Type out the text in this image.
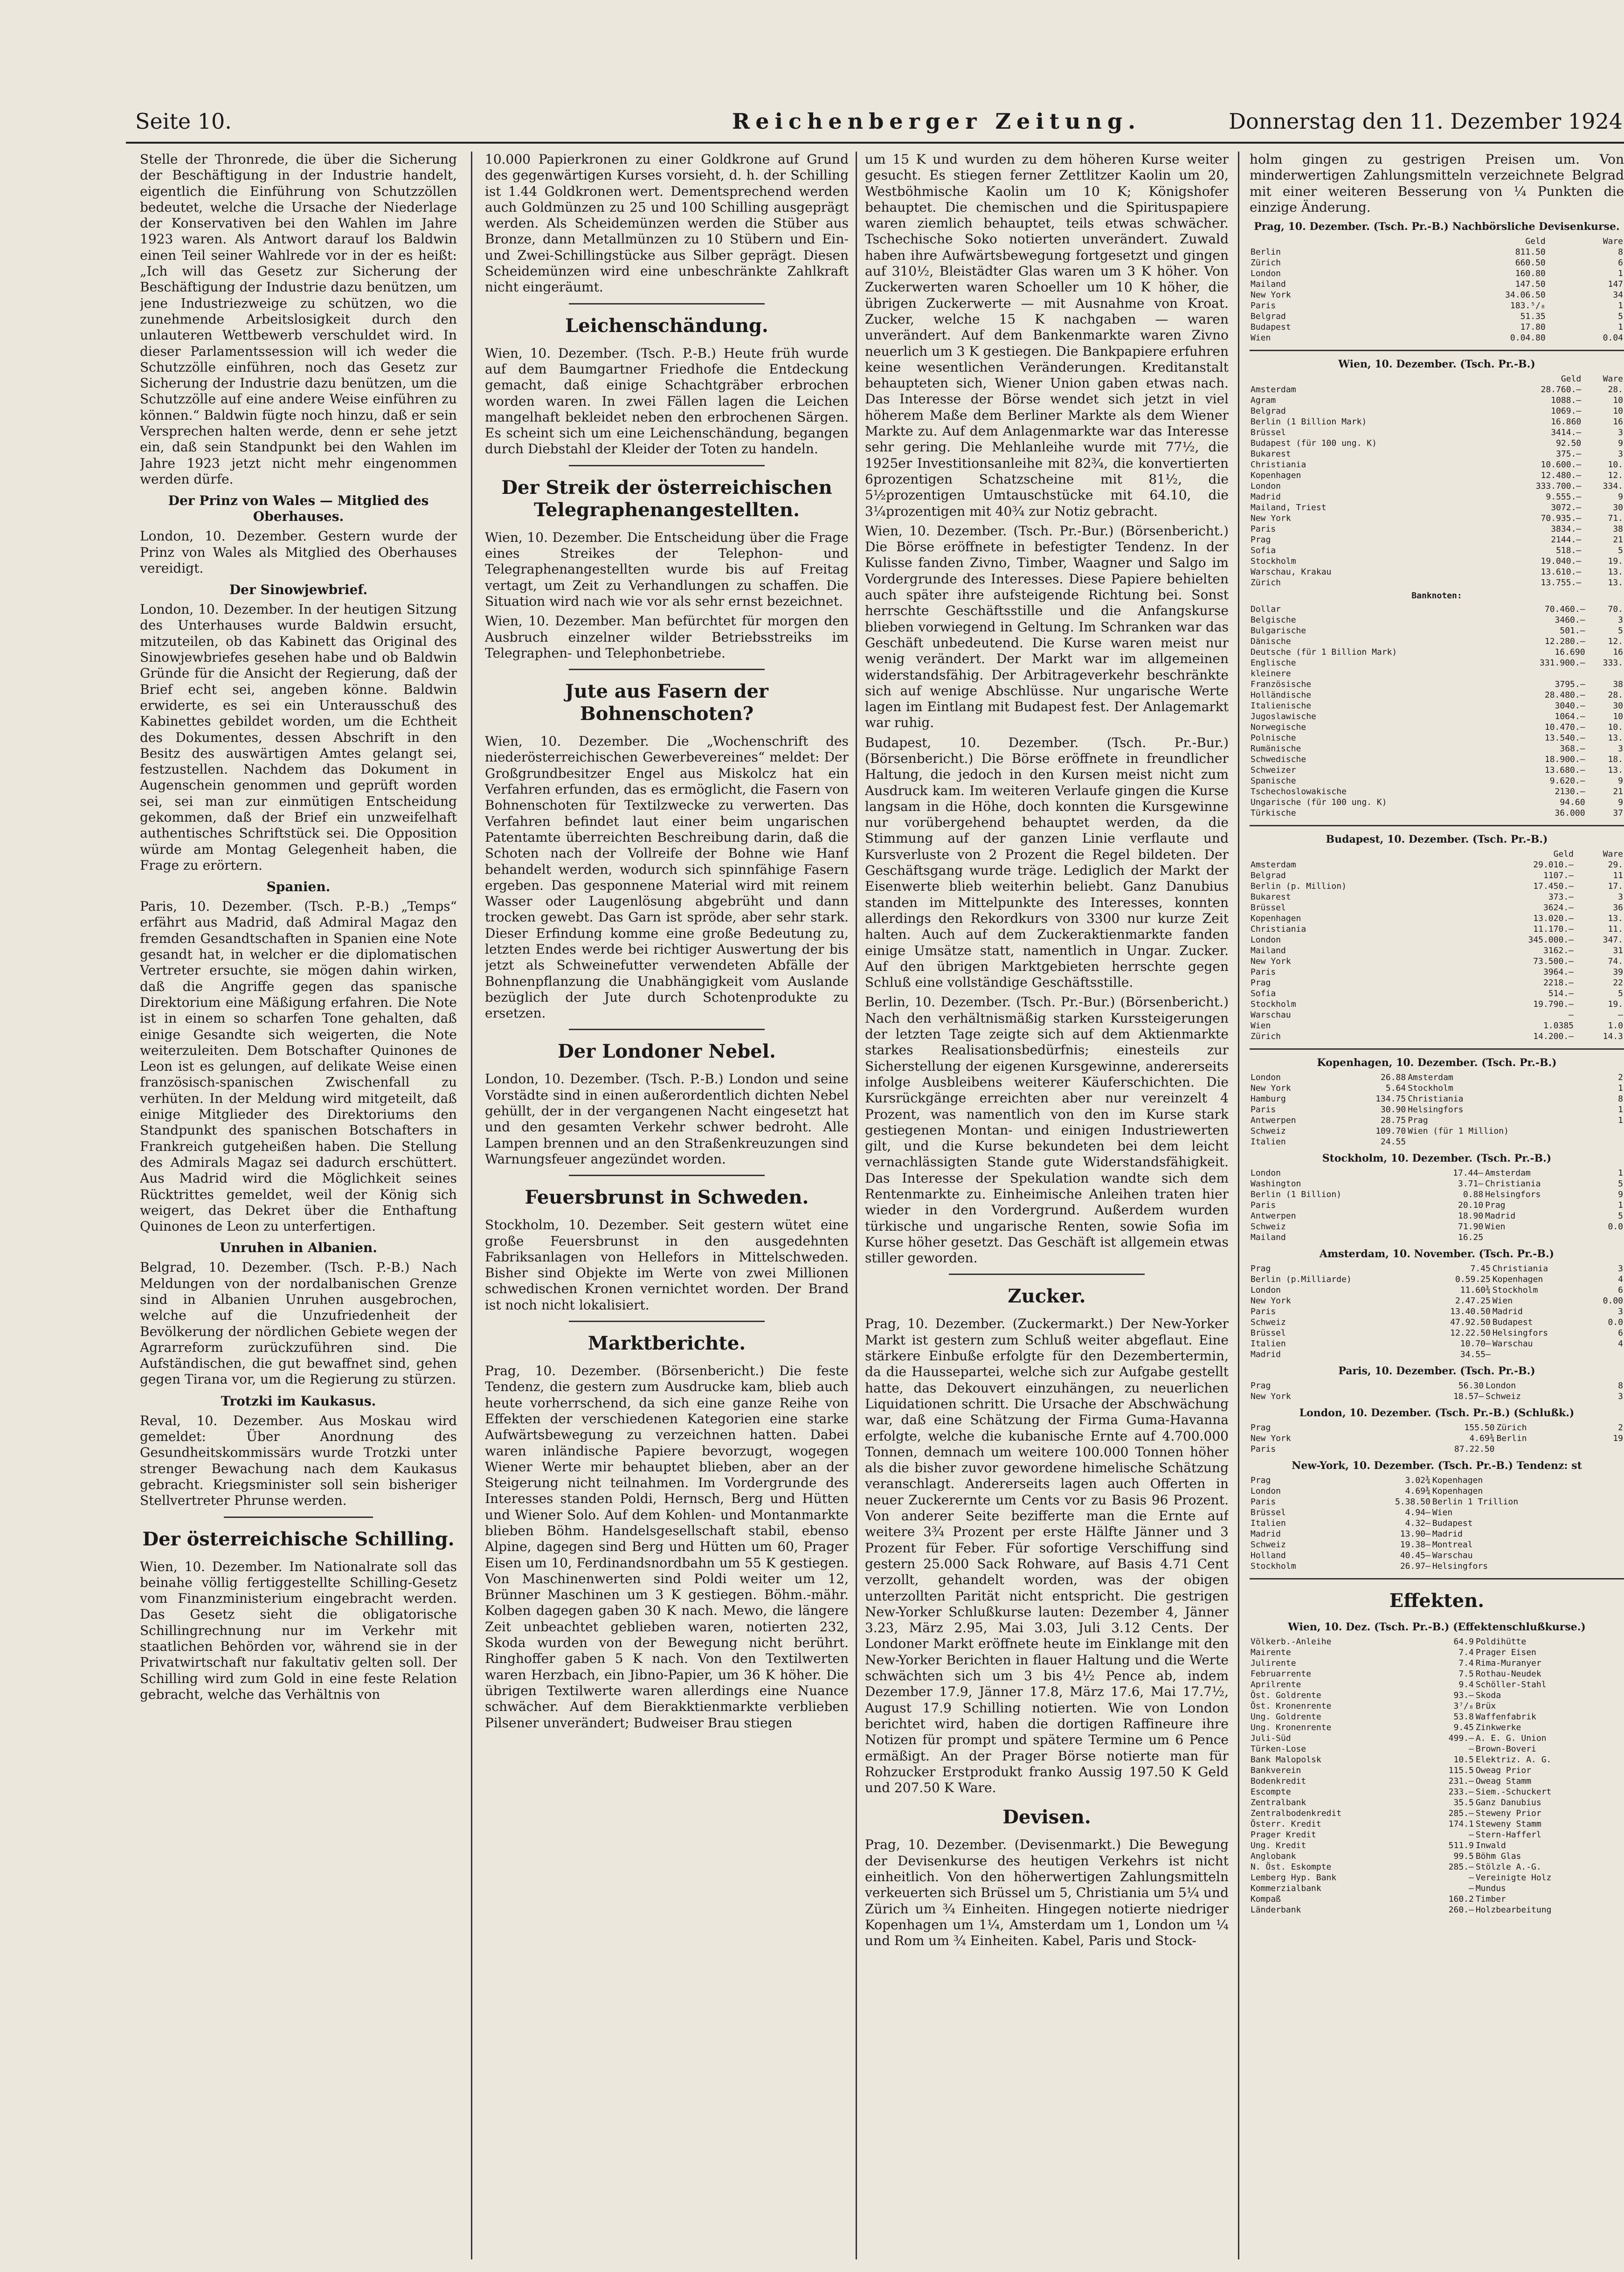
Seite 10.	Reichenberger Zeitung.	Donnerstag den 11. Dezember 1924

Stelle der Thronrede, die über die Sicherung der Beschäftigung in der Industrie handelt, eigentlich die Einführung von Schutzzöllen bedeutet, welche die Ursache der Niederlage der Konservativen bei den Wahlen im Jahre 1923 waren. Als Antwort darauf los Baldwin einen Teil seiner Wahlrede vor in der es heißt: „Ich will das Gesetz zur Sicherung der Beschäftigung der Industrie dazu benützen, um jene Industriezweige zu schützen, wo die zunehmende Arbeitslosigkeit durch den unlauteren Wettbewerb verschuldet wird. In dieser Parlamentssession will ich weder die Schutzzölle einführen, noch das Gesetz zur Sicherung der Industrie dazu benützen, um die Schutzzölle auf eine andere Weise einführen zu können.“ Baldwin fügte noch hinzu, daß er sein Versprechen halten werde, denn er sehe jetzt ein, daß sein Standpunkt bei den Wahlen im Jahre 1923 jetzt nicht mehr eingenommen werden dürfe.

Der Prinz von Wales — Mitglied des Oberhauses.

London, 10. Dezember. Gestern wurde der Prinz von Wales als Mitglied des Oberhauses vereidigt.

Der Sinowjewbrief.

London, 10. Dezember. In der heutigen Sitzung des Unterhauses wurde Baldwin ersucht, mitzuteilen, ob das Kabinett das Original des Sinowjewbriefes gesehen habe und ob Baldwin Gründe für die Ansicht der Regierung, daß der Brief echt sei, angeben könne. Baldwin erwiderte, es sei ein Unterausschuß des Kabinettes gebildet worden, um die Echtheit des Dokumentes, dessen Abschrift in den Besitz des auswärtigen Amtes gelangt sei, festzustellen. Nachdem das Dokument in Augenschein genommen und geprüft worden sei, sei man zur einmütigen Entscheidung gekommen, daß der Brief ein unzweifelhaft authentisches Schriftstück sei. Die Opposition würde am Montag Gelegenheit haben, die Frage zu erörtern.

Spanien.

Paris, 10. Dezember. (Tsch. P.-B.) „Temps“ erfährt aus Madrid, daß Admiral Magaz den fremden Gesandtschaften in Spanien eine Note gesandt hat, in welcher er die diplomatischen Vertreter ersuchte, sie mögen dahin wirken, daß die Angriffe gegen das spanische Direktorium eine Mäßigung erfahren. Die Note ist in einem so scharfen Tone gehalten, daß einige Gesandte sich weigerten, die Note weiterzuleiten. Dem Botschafter Quinones de Leon ist es gelungen, auf delikate Weise einen französisch-spanischen Zwischenfall zu verhüten. In der Meldung wird mitgeteilt, daß einige Mitglieder des Direktoriums den Standpunkt des spanischen Botschafters in Frankreich gutgeheißen haben. Die Stellung des Admirals Magaz sei dadurch erschüttert. Aus Madrid wird die Möglichkeit seines Rücktrittes gemeldet, weil der König sich weigert, das Dekret über die Enthaftung Quinones de Leon zu unterfertigen.

Unruhen in Albanien.

Belgrad, 10. Dezember. (Tsch. P.-B.) Nach Meldungen von der nordalbanischen Grenze sind in Albanien Unruhen ausgebrochen, welche auf die Unzufriedenheit der Bevölkerung der nördlichen Gebiete wegen der Agrarreform zurückzuführen sind. Die Aufständischen, die gut bewaffnet sind, gehen gegen Tirana vor, um die Regierung zu stürzen.

Trotzki im Kaukasus.

Reval, 10. Dezember. Aus Moskau wird gemeldet: Über Anordnung des Gesundheitskommissärs wurde Trotzki unter strenger Bewachung nach dem Kaukasus gebracht. Kriegsminister soll sein bisheriger Stellvertreter Phrunse werden.

Der österreichische Schilling.

Wien, 10. Dezember. Im Nationalrate soll das beinahe völlig fertiggestellte Schilling-Gesetz vom Finanzministerium eingebracht werden. Das Gesetz sieht die obligatorische Schillingrechnung nur im Verkehr mit staatlichen Behörden vor, während sie in der Privatwirtschaft nur fakultativ gelten soll. Der Schilling wird zum Gold in eine feste Relation gebracht, welche das Verhältnis von

10.000 Papierkronen zu einer Goldkrone auf Grund des gegenwärtigen Kurses vorsieht, d. h. der Schilling ist 1.44 Goldkronen wert. Dementsprechend werden auch Goldmünzen zu 25 und 100 Schilling ausgeprägt werden. Als Scheidemünzen werden die Stüber aus Bronze, dann Metallmünzen zu 10 Stübern und Ein- und Zwei-Schillingstücke aus Silber geprägt. Diesen Scheidemünzen wird eine unbeschränkte Zahlkraft nicht eingeräumt.

Leichenschändung.

Wien, 10. Dezember. (Tsch. P.-B.) Heute früh wurde auf dem Baumgartner Friedhofe die Entdeckung gemacht, daß einige Schachtgräber erbrochen worden waren. In zwei Fällen lagen die Leichen mangelhaft bekleidet neben den erbrochenen Särgen. Es scheint sich um eine Leichenschändung, begangen durch Diebstahl der Kleider der Toten zu handeln.

Der Streik der österreichischen Telegraphenangestellten.

Wien, 10. Dezember. Die Entscheidung über die Frage eines Streikes der Telephon- und Telegraphenangestellten wurde bis auf Freitag vertagt, um Zeit zu Verhandlungen zu schaffen. Die Situation wird nach wie vor als sehr ernst bezeichnet.

Wien, 10. Dezember. Man befürchtet für morgen den Ausbruch einzelner wilder Betriebsstreiks im Telegraphen- und Telephonbetriebe.

Jute aus Fasern der Bohnenschoten?

Wien, 10. Dezember. Die „Wochenschrift des niederösterreichischen Gewerbevereines“ meldet: Der Großgrundbesitzer Engel aus Miskolcz hat ein Verfahren erfunden, das es ermöglicht, die Fasern von Bohnenschoten für Textilzwecke zu verwerten. Das Verfahren befindet laut einer beim ungarischen Patentamte überreichten Beschreibung darin, daß die Schoten nach der Vollreife der Bohne wie Hanf behandelt werden, wodurch sich spinnfähige Fasern ergeben. Das gesponnene Material wird mit reinem Wasser oder Laugenlösung abgebrüht und dann trocken gewebt. Das Garn ist spröde, aber sehr stark. Dieser Erfindung komme eine große Bedeutung zu, letzten Endes werde bei richtiger Auswertung der bis jetzt als Schweinefutter verwendeten Abfälle der Bohnenpflanzung die Unabhängigkeit vom Auslande bezüglich der Jute durch Schotenprodukte zu ersetzen.

Der Londoner Nebel.

London, 10. Dezember. (Tsch. P.-B.) London und seine Vorstädte sind in einen außerordentlich dichten Nebel gehüllt, der in der vergangenen Nacht eingesetzt hat und den gesamten Verkehr schwer bedroht. Alle Lampen brennen und an den Straßenkreuzungen sind Warnungsfeuer angezündet worden.

Feuersbrunst in Schweden.

Stockholm, 10. Dezember. Seit gestern wütet eine große Feuersbrunst in den ausgedehnten Fabriksanlagen von Hellefors in Mittelschweden. Bisher sind Objekte im Werte von zwei Millionen schwedischen Kronen vernichtet worden. Der Brand ist noch nicht lokalisiert.

Marktberichte.

Prag, 10. Dezember. (Börsenbericht.) Die feste Tendenz, die gestern zum Ausdrucke kam, blieb auch heute vorherrschend, da sich eine ganze Reihe von Effekten der verschiedenen Kategorien eine starke Aufwärtsbewegung zu verzeichnen hatten. Dabei waren inländische Papiere bevorzugt, wogegen Wiener Werte mir behauptet blieben, aber an der Steigerung nicht teilnahmen. Im Vordergrunde des Interesses standen Poldi, Hernsch, Berg und Hütten und Wiener Solo. Auf dem Kohlen- und Montanmarkte blieben Böhm. Handelsgesellschaft stabil, ebenso Alpine, dagegen sind Berg und Hütten um 60, Prager Eisen um 10, Ferdinandsnordbahn um 55 K gestiegen. Von Maschinenwerten sind Poldi weiter um 12, Brünner Maschinen um 3 K gestiegen. Böhm.-mähr. Kolben dagegen gaben 30 K nach. Mewo, die längere Zeit unbeachtet geblieben waren, notierten 232, Skoda wurden von der Bewegung nicht berührt. Ringhoffer gaben 5 K nach. Von den Textilwerten waren Herzbach, ein Jibno-Papier, um 36 K höher. Die übrigen Textilwerte waren allerdings eine Nuance schwächer. Auf dem Bierakktienmarkte verblieben Pilsener unverändert; Budweiser Brau stiegen

um 15 K und wurden zu dem höheren Kurse weiter gesucht. Es stiegen ferner Zettlitzer Kaolin um 20, Westböhmische Kaolin um 10 K; Königshofer behauptet. Die chemischen und die Spirituspapiere waren ziemlich behauptet, teils etwas schwächer. Tschechische Soko notierten unverändert. Zuwald haben ihre Aufwärtsbewegung fortgesetzt und gingen auf 310½, Bleistädter Glas waren um 3 K höher. Von Zuckerwerten waren Schoeller um 10 K höher, die übrigen Zuckerwerte — mit Ausnahme von Kroat. Zucker, welche 15 K nachgaben — waren unverändert. Auf dem Bankenmarkte waren Zivno neuerlich um 3 K gestiegen. Die Bankpapiere erfuhren keine wesentlichen Veränderungen. Kreditanstalt behaupteten sich, Wiener Union gaben etwas nach. Das Interesse der Börse wendet sich jetzt in viel höherem Maße dem Berliner Markte als dem Wiener Markte zu. Auf dem Anlagenmarkte war das Interesse sehr gering. Die Mehlanleihe wurde mit 77½, die 1925er Investitionsanleihe mit 82¾, die konvertierten 6prozentigen Schatzscheine mit 81½, die 5½prozentigen Umtauschstücke mit 64.10, die 3¼prozentigen mit 40¾ zur Notiz gebracht.

Wien, 10. Dezember. (Tsch. Pr.-Bur.) (Börsenbericht.) Die Börse eröffnete in befestigter Tendenz. In der Kulisse fanden Zivno, Timber, Waagner und Salgo im Vordergrunde des Interesses. Diese Papiere behielten auch später ihre aufsteigende Richtung bei. Sonst herrschte Geschäftsstille und die Anfangskurse blieben vorwiegend in Geltung. Im Schranken war das Geschäft unbedeutend. Die Kurse waren meist nur wenig verändert. Der Markt war im allgemeinen widerstandsfähig. Der Arbitrageverkehr beschränkte sich auf wenige Abschlüsse. Nur ungarische Werte lagen im Eintlang mit Budapest fest. Der Anlagemarkt war ruhig.

Budapest, 10. Dezember. (Tsch. Pr.-Bur.) (Börsenbericht.) Die Börse eröffnete in freundlicher Haltung, die jedoch in den Kursen meist nicht zum Ausdruck kam. Im weiteren Verlaufe gingen die Kurse langsam in die Höhe, doch konnten die Kursgewinne nur vorübergehend behauptet werden, da die Stimmung auf der ganzen Linie verflaute und Kursverluste von 2 Prozent die Regel bildeten. Der Geschäftsgang wurde träge. Lediglich der Markt der Eisenwerte blieb weiterhin beliebt. Ganz Danubius standen im Mittelpunkte des Interesses, konnten allerdings den Rekordkurs von 3300 nur kurze Zeit halten. Auch auf dem Zuckeraktienmarkte fanden einige Umsätze statt, namentlich in Ungar. Zucker. Auf den übrigen Marktgebieten herrschte gegen Schluß eine vollständige Geschäftsstille.

Berlin, 10. Dezember. (Tsch. Pr.-Bur.) (Börsenbericht.) Nach den verhältnismäßig starken Kurssteigerungen der letzten Tage zeigte sich auf dem Aktienmarkte starkes Realisationsbedürfnis; einesteils zur Sicherstellung der eigenen Kursgewinne, andererseits infolge Ausbleibens weiterer Käuferschichten. Die Kursrückgänge erreichten aber nur vereinzelt 4 Prozent, was namentlich von den im Kurse stark gestiegenen Montan- und einigen Industriewerten gilt, und die Kurse bekundeten bei dem leicht vernachlässigten Stande gute Widerstandsfähigkeit. Das Interesse der Spekulation wandte sich dem Rentenmarkte zu. Einheimische Anleihen traten hier wieder in den Vordergrund. Außerdem wurden türkische und ungarische Renten, sowie Sofia im Kurse höher gesetzt. Das Geschäft ist allgemein etwas stiller geworden.

Zucker.

Prag, 10. Dezember. (Zuckermarkt.) Der New-Yorker Markt ist gestern zum Schluß weiter abgeflaut. Eine stärkere Einbuße erfolgte für den Dezembertermin, da die Haussepartei, welche sich zur Aufgabe gestellt hatte, das Dekouvert einzuhängen, zu neuerlichen Liquidationen schritt. Die Ursache der Abschwächung war, daß eine Schätzung der Firma Guma-Havanna erfolgte, welche die kubanische Ernte auf 4.700.000 Tonnen, demnach um weitere 100.000 Tonnen höher als die bisher zuvor gewordene himelische Schätzung veranschlagt. Andererseits lagen auch Offerten in neuer Zuckerernte um Cents vor zu Basis 96 Prozent. Von anderer Seite bezifferte man die Ernte auf weitere 3¾ Prozent per erste Hälfte Jänner und 3 Prozent für Feber. Für sofortige Verschiffung sind gestern 25.000 Sack Rohware, auf Basis 4.71 Cent verzollt, gehandelt worden, was der obigen unterzollten Parität nicht entspricht. Die gestrigen New-Yorker Schlußkurse lauten: Dezember 4, Jänner 3.23, März 2.95, Mai 3.03, Juli 3.12 Cents. Der Londoner Markt eröffnete heute im Einklange mit den New-Yorker Berichten in flauer Haltung und die Werte schwächten sich um 3 bis 4½ Pence ab, indem Dezember 17.9, Jänner 17.8, März 17.6, Mai 17.7½, August 17.9 Schilling notierten. Wie von London berichtet wird, haben die dortigen Raffineure ihre Notizen für prompt und spätere Termine um 6 Pence ermäßigt. An der Prager Börse notierte man für Rohzucker Erstprodukt franko Aussig 197.50 K Geld und 207.50 K Ware.

Devisen.

Prag, 10. Dezember. (Devisenmarkt.) Die Bewegung der Devisenkurse des heutigen Verkehrs ist nicht einheitlich. Von den höherwertigen Zahlungsmitteln verkeuerten sich Brüssel um 5, Christiania um 5¼ und Zürich um ¾ Einheiten. Hingegen notierte niedriger Kopenhagen um 1¼, Amsterdam um 1, London um ¼ und Rom um ¾ Einheiten. Kabel, Paris und Stock-

holm gingen zu gestrigen Preisen um. Von minderwertigen Zahlungsmitteln verzeichnete Belgrad mit einer weiteren Besserung von ¼ Punkten die einzige Änderung.

Prag, 10. Dezember. (Tsch. Pr.-B.) Nachbörsliche Devisenkurse.
	Geld	Ware
Berlin	811.50	8
Zürich	660.50	6
London	160.80	1
Mailand	147.50	147
New York	34.06.50	34
Paris	183.⁵/₈	1
Belgrad	51.35	5
Budapest	17.80	1
Wien	0.04.80	0.04
Wien, 10. Dezember. (Tsch. Pr.-B.)
	Geld	Ware
Amsterdam	28.760.—	28.
Agram	1088.—	10
Belgrad	1069.—	10
Berlin (1 Billion Mark)	16.860	16
Brüssel	3414.—	3
Budapest (für 100 ung. K)	92.50	9
Bukarest	375.—	3
Christiania	10.600.—	10.
Kopenhagen	12.480.—	12.
London	333.700.—	334.
Madrid	9.555.—	9
Mailand, Triest	3072.—	30
New York	70.935.—	71.
Paris	3834.—	38
Prag	2144.—	21
Sofia	518.—	5
Stockholm	19.040.—	19.
Warschau, Krakau	13.610.—	13.
Zürich	13.755.—	13.
Banknoten:
Dollar	70.460.—	70.
Belgische	3460.—	3
Bulgarische	501.—	5
Dänische	12.280.—	12.
Deutsche (für 1 Billion Mark)	16.690	16
Englische	331.900.—	333.
kleinere		
Französische	3795.—	38
Holländische	28.480.—	28.
Italienische	3040.—	30
Jugoslawische	1064.—	10
Norwegische	10.470.—	10.
Polnische	13.540.—	13.
Rumänische	368.—	3
Schwedische	18.900.—	18.
Schweizer	13.680.—	13.
Spanische	9.620.—	9
Tschechoslowakische	2130.—	21
Ungarische (für 100 ung. K)	94.60	9
Türkische	36.000	37
Budapest, 10. Dezember. (Tsch. Pr.-B.)
	Geld	Ware
Amsterdam	29.010.—	29.
Belgrad	1107.—	11
Berlin (p. Million)	17.450.—	17.
Bukarest	373.—	3
Brüssel	3624.—	36
Kopenhagen	13.020.—	13.
Christiania	11.170.—	11.
London	345.000.—	347.
Mailand	3162.—	31
New York	73.500.—	74.
Paris	3964.—	39
Prag	2218.—	22
Sofia	514.—	5
Stockholm	19.790.—	19.
Warschau	—	—
Wien	1.0385	1.0
Zürich	14.200.—	14.3
Kopenhagen, 10. Dezember. (Tsch. Pr.-B.)
London	26.88	Amsterdam	2
New York	5.64	Stockholm	1
Hamburg	134.75	Christiania	8
Paris	30.90	Helsingfors	1
Antwerpen	28.75	Prag	1
Schweiz	109.70	Wien (für 1 Million)	
Italien	24.55		
Stockholm, 10. Dezember. (Tsch. Pr.-B.)
London	17.44—	Amsterdam	1
Washington	3.71—	Christiania	5
Berlin (1 Billion)	0.88	Helsingfors	9
Paris	20.10	Prag	1
Antwerpen	18.90	Madrid	5
Schweiz	71.90	Wien	0.0
Mailand	16.25		
Amsterdam, 10. November. (Tsch. Pr.-B.)
Prag	7.45	Christiania	3
Berlin (p.Milliarde)	0.59.25	Kopenhagen	4
London	11.60¾	Stockholm	6
New York	2.47.25	Wien	0.00
Paris	13.40.50	Madrid	3
Schweiz	47.92.50	Budapest	0.0
Brüssel	12.22.50	Helsingfors	6
Italien	10.70—	Warschau	4
Madrid	34.55—		
Paris, 10. Dezember. (Tsch. Pr.-B.)
Prag	56.30	London	8
New York	18.57—	Schweiz	3
London, 10. Dezember. (Tsch. Pr.-B.) (Schlußk.)
Prag	155.50	Zürich	2
New York	4.69¾	Berlin	19
Paris	87.22.50		
New-York, 10. Dezember. (Tsch. Pr.-B.) Tendenz: st
Prag	3.02¾	Kopenhagen	
London	4.69¾	Kopenhagen	
Paris	5.38.50	Berlin 1 Trillion	
Brüssel	4.94—	Wien	
Italien	4.32—	Budapest	
Madrid	13.90—	Madrid	
Schweiz	19.38—	Montreal	
Holland	40.45—	Warschau	
Stockholm	26.97—	Helsingfors	
Effekten.
Wien, 10. Dez. (Tsch. Pr.-B.) (Effektenschlußkurse.)
Völkerb.-Anleihe	64.9	Poldihütte	
Mairente	7.4	Prager Eisen	
Julirente	7.4	Rima-Muranyer	
Februarrente	7.5	Rothau-Neudek	
Aprilrente	9.4	Schöller-Stahl	
Öst. Goldrente	93.—	Skoda	
Öst. Kronenrente	3⁷/₈	Brüx	
Ung. Goldrente	53.8	Waffenfabrik	
Ung. Kronenrente	9.45	Zinkwerke	
Juli-Süd	499.—	A. E. G. Union	
Türken-Lose	—	Brown-Boveri	
Bank Malopolsk	10.5	Elektriz. A. G.	
Bankverein	115.5	Oweag Prior	
Bodenkredit	231.—	Oweag Stamm	
Escompte	233.—	Siem.-Schuckert	
Zentralbank	35.5	Ganz Danubius	
Zentralbodenkredit	285.—	Steweny Prior	
Österr. Kredit	174.1	Steweny Stamm	
Prager Kredit	—	Stern-Hafferl	
Ung. Kredit	511.9	Inwald	
Anglobank	99.5	Böhm Glas	
N. Öst. Eskompte	285.—	Stölzle A.-G.	
Lemberg Hyp. Bank	—	Vereinigte Holz	
Kommerzialbank	—	Mundus	
Kompaß	160.2	Timber	
Länderbank	260.—	Holzbearbeitung	
